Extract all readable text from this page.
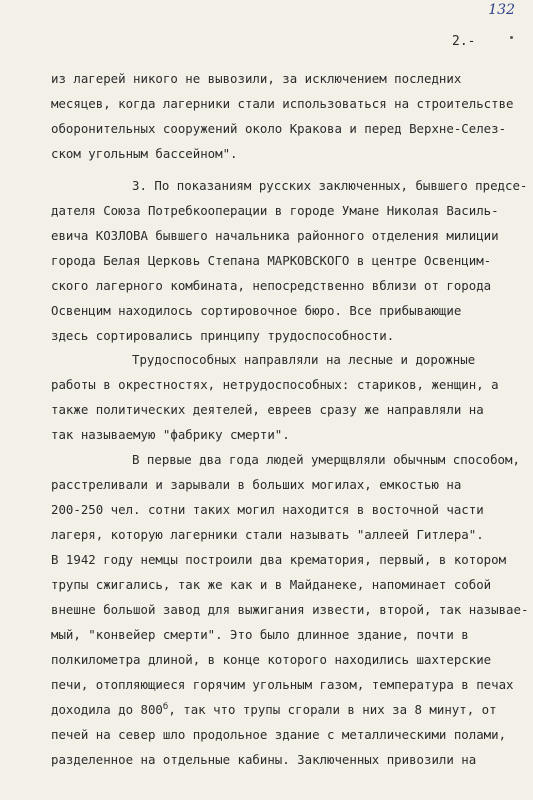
132
2.-
из лагерей никого не вывозили, за исключением последних
месяцев, когда лагерники стали использоваться на строительстве
оборонительных сооружений около Кракова и перед Верхне-Селез-
ском угольным бассейном".
3. По показаниям русских заключенных, бывшего предсе-
дателя Союза Потребкооперации в городе Умане Николая Василь-
евича КОЗЛОВА бывшего начальника районного отделения милиции
города Белая Церковь Степана МАРКОВСКОГО в центре Освенцим-
ского лагерного комбината, непосредственно вблизи от города
Освенцим находилось сортировочное бюро. Все прибывающие
здесь сортировались принципу трудоспособности.
Трудоспособных направляли на лесные и дорожные
работы в окрестностях, нетрудоспособных: стариков, женщин, а
также политических деятелей, евреев сразу же направляли на
так называемую "фабрику смерти".
В первые два года людей умерщвляли обычным способом,
расстреливали и зарывали в больших могилах, емкостью на
200-250 чел. сотни таких могил находится в восточной части
лагеря, которую лагерники стали называть "аллеей Гитлера".
В 1942 году немцы построили два крематория, первый, в котором
трупы сжигались, так же как и в Майданеке, напоминает собой
внешне большой завод для выжигания извести, второй, так называе-
мый, "конвейер смерти". Это было длинное здание, почти в
полкилометра длиной, в конце которого находились шахтерские
печи, отопляющиеся горячим угольным газом, температура в печах
доходила до $800^б$, так что трупы сгорали в них за 8 минут, от
печей на север шло продольное здание с металлическими полами,
разделенное на отдельные кабины. Заключенных привозили на
